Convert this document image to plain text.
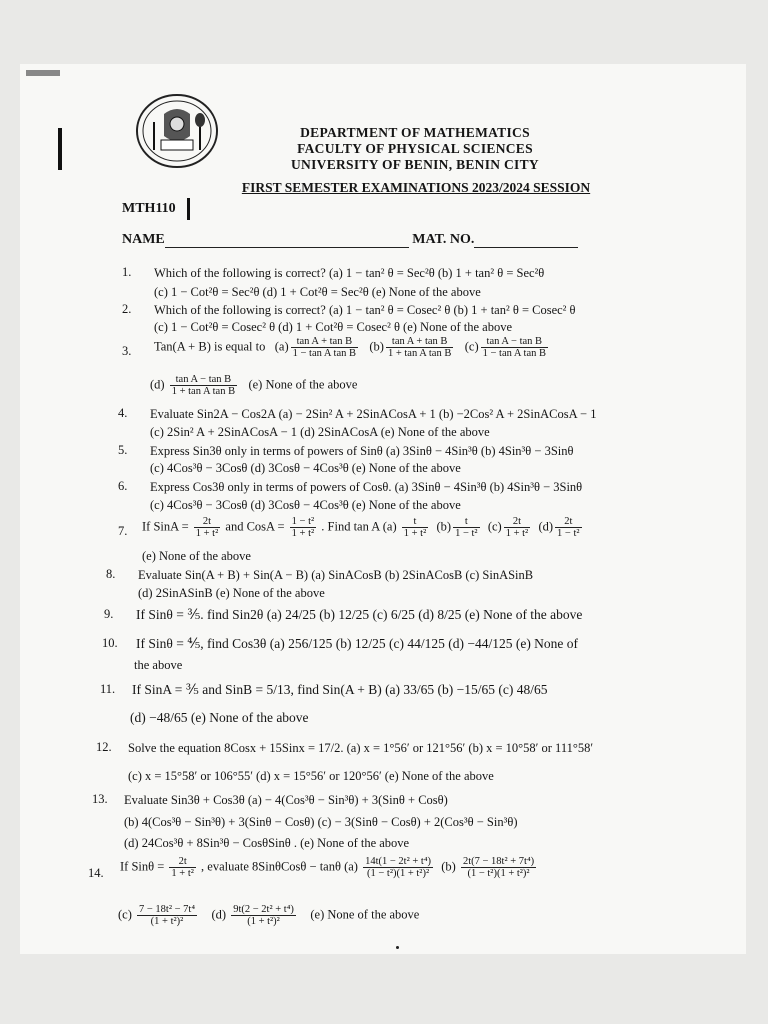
DEPARTMENT OF MATHEMATICS
FACULTY OF PHYSICAL SCIENCES
UNIVERSITY OF BENIN, BENIN CITY
FIRST SEMESTER EXAMINATIONS 2023/2024 SESSION
MTH110
NAME	MAT. NO.
1. Which of the following is correct? (a) 1 − tan² θ = Sec²θ (b) 1 + tan² θ = Sec²θ
(c) 1 − Cot²θ = Sec²θ (d) 1 + Cot²θ = Sec²θ (e) None of the above
2. Which of the following is correct? (a) 1 − tan² θ = Cosec² θ (b) 1 + tan² θ = Cosec² θ
(c) 1 − Cot²θ = Cosec² θ (d) 1 + Cot²θ = Cosec² θ (e) None of the above
3. Tan(A + B) is equal to   $(a) \frac{\text{tan A + tan B}}{\text{1 − tan A tan B}} (b) \frac{\text{tan A + tan B}}{\text{1 + tan A tan B}} (c) \frac{\text{tan A − tan B}}{\text{1 − tan A tan B}}$
$(d) \frac{\text{tan A − tan B}}{\text{1 + tan A tan B}} (e)$ None of the above
4. Evaluate Sin2A − Cos2A (a) − 2Sin² A + 2SinACosA + 1 (b) −2Cos² A + 2SinACosA − 1
(c) 2Sin² A + 2SinACosA − 1 (d) 2SinACosA (e) None of the above
5. Express Sin3θ only in terms of powers of Sinθ (a) 3Sinθ − 4Sin³θ (b) 4Sin³θ − 3Sinθ
(c) 4Cos³θ − 3Cosθ (d) 3Cosθ − 4Cos³θ (e) None of the above
6. Express Cos3θ only in terms of powers of Cosθ. (a) 3Sinθ − 4Sin³θ (b) 4Sin³θ − 3Sinθ
(c) 4Cos³θ − 3Cosθ (d) 3Cosθ − 4Cos³θ (e) None of the above
7. If SinA = $\frac{2t}{\text{1 + t²}}$ and CosA = $\frac{\text{1 − t²}}{\text{1 + t²}}$ . Find tan A $(a) \frac{t}{\text{1 + t²}} (b) \frac{t}{\text{1 − t²}} (c) \frac{2t}{\text{1 + t²}} (d) \frac{2t}{\text{1 − t²}}$
(e) None of the above
8. Evaluate Sin(A + B) + Sin(A − B) (a) SinACosB (b) 2SinACosB (c) SinASinB
(d) 2SinASinB (e) None of the above
9. If Sinθ = ⅗. find Sin2θ (a) 24/25 (b) 12/25 (c) 6/25 (d) 8/25 (e) None of the above
10. If Sinθ = ⅘, find Cos3θ (a) 256/125 (b) 12/25 (c) 44/125 (d) −44/125 (e) None of
the above
11. If SinA = ⅗ and SinB = 5/13, find Sin(A + B) (a) 33/65 (b) −15/65 (c) 48/65
(d) −48/65 (e) None of the above
12. Solve the equation 8Cosx + 15Sinx = 17/2. (a) x = 1°56′ or 121°56′ (b) x = 10°58′ or 111°58′
(c) x = 15°58′ or 106°55′ (d) x = 15°56′ or 120°56′ (e) None of the above
13. Evaluate Sin3θ + Cos3θ (a) − 4(Cos³θ − Sin³θ) + 3(Sinθ + Cosθ)
(b) 4(Cos³θ − Sin³θ) + 3(Sinθ − Cosθ) (c) − 3(Sinθ − Cosθ) + 2(Cos³θ − Sin³θ)
(d) 24Cos³θ + 8Sin³θ − CosθSinθ . (e) None of the above
14. If $Sin\theta = \frac{2t}{\text{1 + t²}}$ , evaluate 8SinθCosθ − tanθ $(a) \frac{\text{14t(1 − 2t² + t⁴)}}{\text{(1 − t²)(1 + t²)²}} (b) \frac{\text{2t(7 − 18t² + 7t⁴)}}{\text{(1 − t²)(1 + t²)²}}$
$(c) \frac{\text{7 − 18t² − 7t⁴}}{\text{(1 + t²)²}} (d) \frac{\text{9t(2 − 2t² + t⁴)}}{\text{(1 + t²)²}} (e)$ None of the above
